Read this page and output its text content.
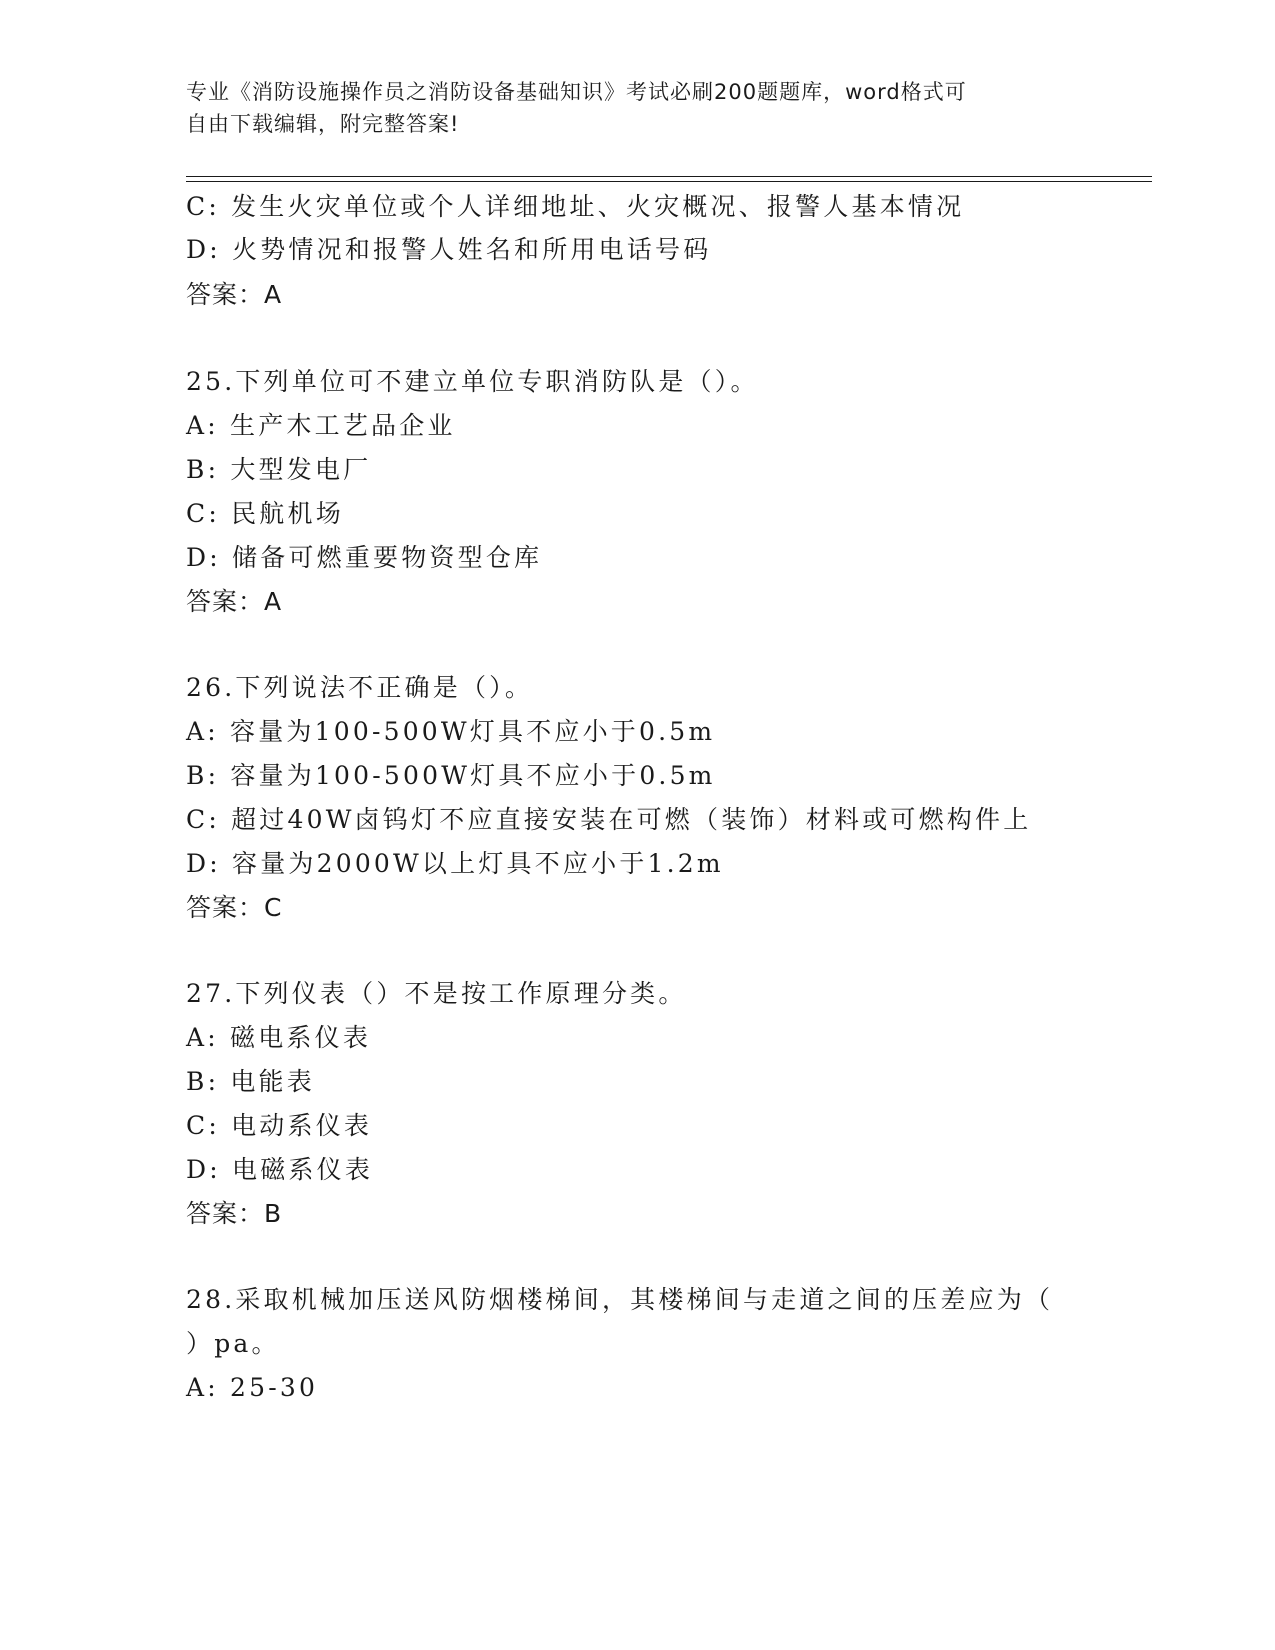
专业《消防设施操作员之消防设备基础知识》考试必刷200题题库，word格式可
自由下载编辑，附完整答案!
C: 发生火灾单位或个人详细地址、火灾概况、报警人基本情况
D: 火势情况和报警人姓名和所用电话号码
答案：A
25.下列单位可不建立单位专职消防队是（）。
A: 生产木工艺品企业
B: 大型发电厂
C: 民航机场
D: 储备可燃重要物资型仓库
答案：A
26.下列说法不正确是（）。
A: 容量为100-500W灯具不应小于0.5m
B: 容量为100-500W灯具不应小于0.5m
C: 超过40W卤钨灯不应直接安装在可燃（装饰）材料或可燃构件上
D: 容量为2000W以上灯具不应小于1.2m
答案：C
27.下列仪表（）不是按工作原理分类。
A: 磁电系仪表
B: 电能表
C: 电动系仪表
D: 电磁系仪表
答案：B
28.采取机械加压送风防烟楼梯间，其楼梯间与走道之间的压差应为（
）pa。
A: 25-30
